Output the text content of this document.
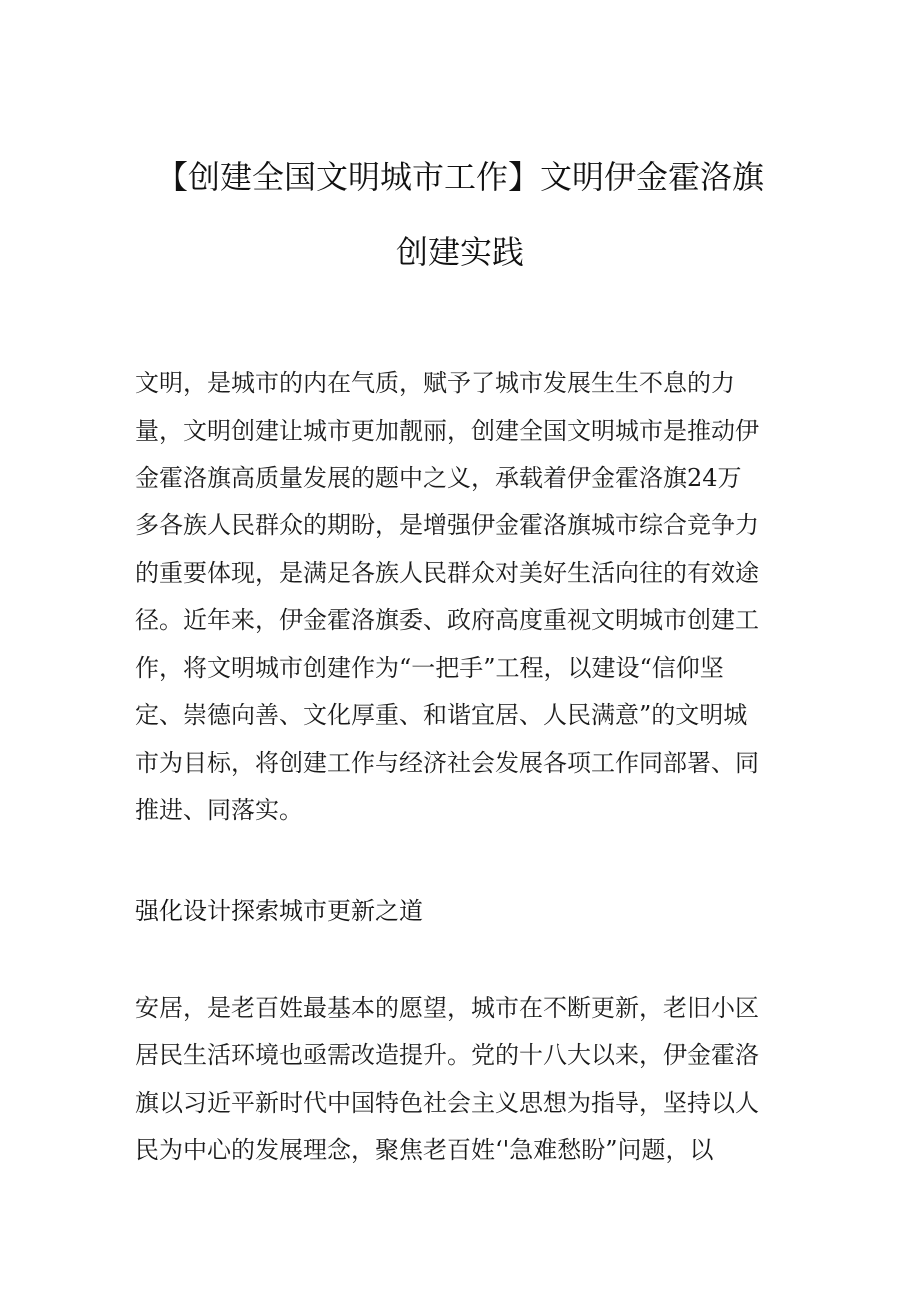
【创建全国文明城市工作】文明伊金霍洛旗
创建实践
文明，是城市的内在气质，赋予了城市发展生生不息的力
量，文明创建让城市更加靓丽，创建全国文明城市是推动伊
金霍洛旗高质量发展的题中之义，承载着伊金霍洛旗24万
多各族人民群众的期盼，是增强伊金霍洛旗城市综合竞争力
的重要体现，是满足各族人民群众对美好生活向往的有效途
径。近年来，伊金霍洛旗委、政府高度重视文明城市创建工
作，将文明城市创建作为“一把手”工程，以建设“信仰坚
定、崇德向善、文化厚重、和谐宜居、人民满意”的文明城
市为目标，将创建工作与经济社会发展各项工作同部署、同
推进、同落实。
强化设计探索城市更新之道
安居，是老百姓最基本的愿望，城市在不断更新，老旧小区
居民生活环境也亟需改造提升。党的十八大以来，伊金霍洛
旗以习近平新时代中国特色社会主义思想为指导，坚持以人
民为中心的发展理念，聚焦老百姓‘'急难愁盼”问题，以
